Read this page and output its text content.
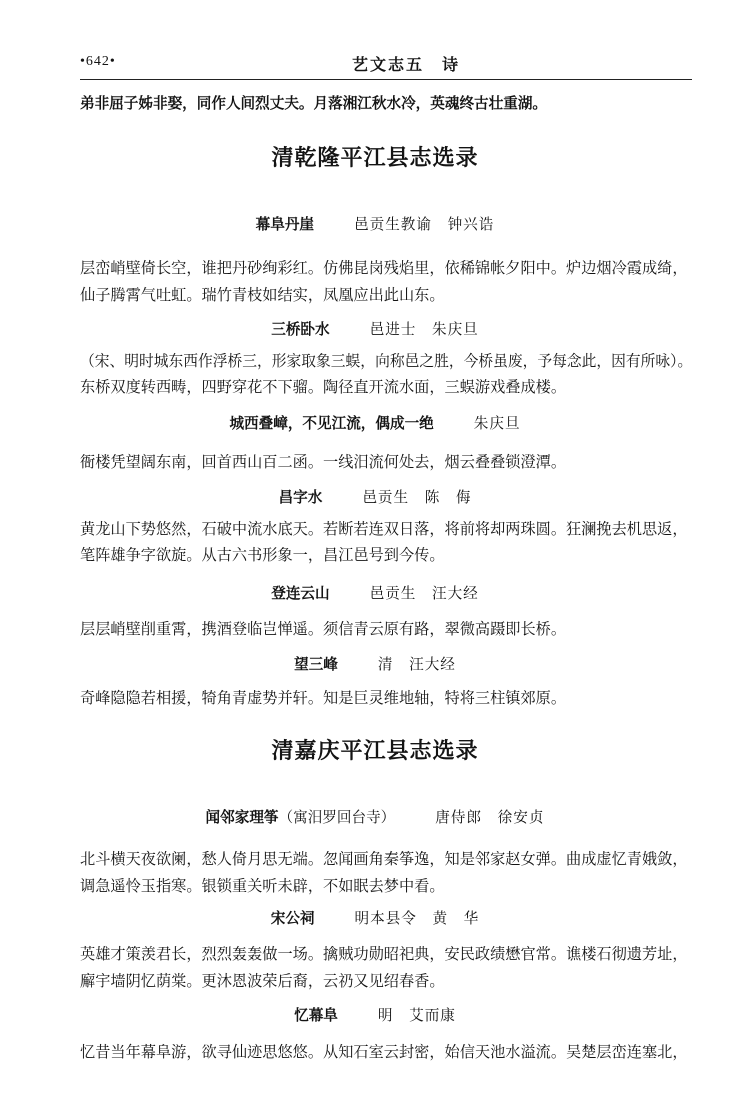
•642•	艺文志五　诗
弟非屈子姊非娶，同作人间烈丈夫。月落湘江秋水冷，英魂终古壮重湖。
清乾隆平江县志选录
幕阜丹崖	邑贡生教谕　钟兴诰
层峦峭壁倚长空，谁把丹砂绚彩红。仿佛昆岗残焰里，依稀锦帐夕阳中。炉边烟冷霞成绮，
仙子腾霄气吐虹。瑞竹青枝如结实，凤凰应出此山东。
三桥卧水	邑进士　朱庆旦
（宋、明时城东西作浮桥三，形家取象三蜈，向称邑之胜，今桥虽废，予每念此，因有所咏）。
东桥双度转西畴，四野穿花不下骝。陶径直开流水面，三蜈游戏叠成楼。
城西叠嶂，不见江流，偶成一绝	朱庆旦
衙楼凭望阔东南，回首西山百二函。一线汨流何处去，烟云叠叠锁澄潭。
昌字水	邑贡生　陈　侮
黄龙山下势悠然，石破中流水底天。若断若连双日落，将前将却两珠圆。狂澜挽去机思返，
笔阵雄争字欲旋。从古六书形象一，昌江邑号到今传。
登连云山	邑贡生　汪大经
层层峭壁削重霄，携酒登临岂惮遥。须信青云原有路，翠微高蹑即长桥。
望三峰	清　汪大经
奇峰隐隐若相援，犄角青虚势并轩。知是巨灵维地轴，特将三柱镇郊原。
清嘉庆平江县志选录
闻邻家理筝（寓汨罗回台寺）	唐侍郎　徐安贞
北斗横天夜欲阑，愁人倚月思无端。忽闻画角秦筝逸，知是邻家赵女弹。曲成虚忆青娥敛，
调急遥怜玉指寒。银锁重关听未辟，不如眠去梦中看。
宋公祠	明本县令　黄　华
英雄才策羡君长，烈烈轰轰做一场。擒贼功勋昭祀典，安民政绩懋官常。谯楼石彻遗芳址，
廨宇墙阴忆荫棠。更沐恩波荣后裔，云礽又见绍春香。
忆幕阜	明　艾而康
忆昔当年幕阜游，欲寻仙迹思悠悠。从知石室云封密，始信天池水溢流。吴楚层峦连塞北，
